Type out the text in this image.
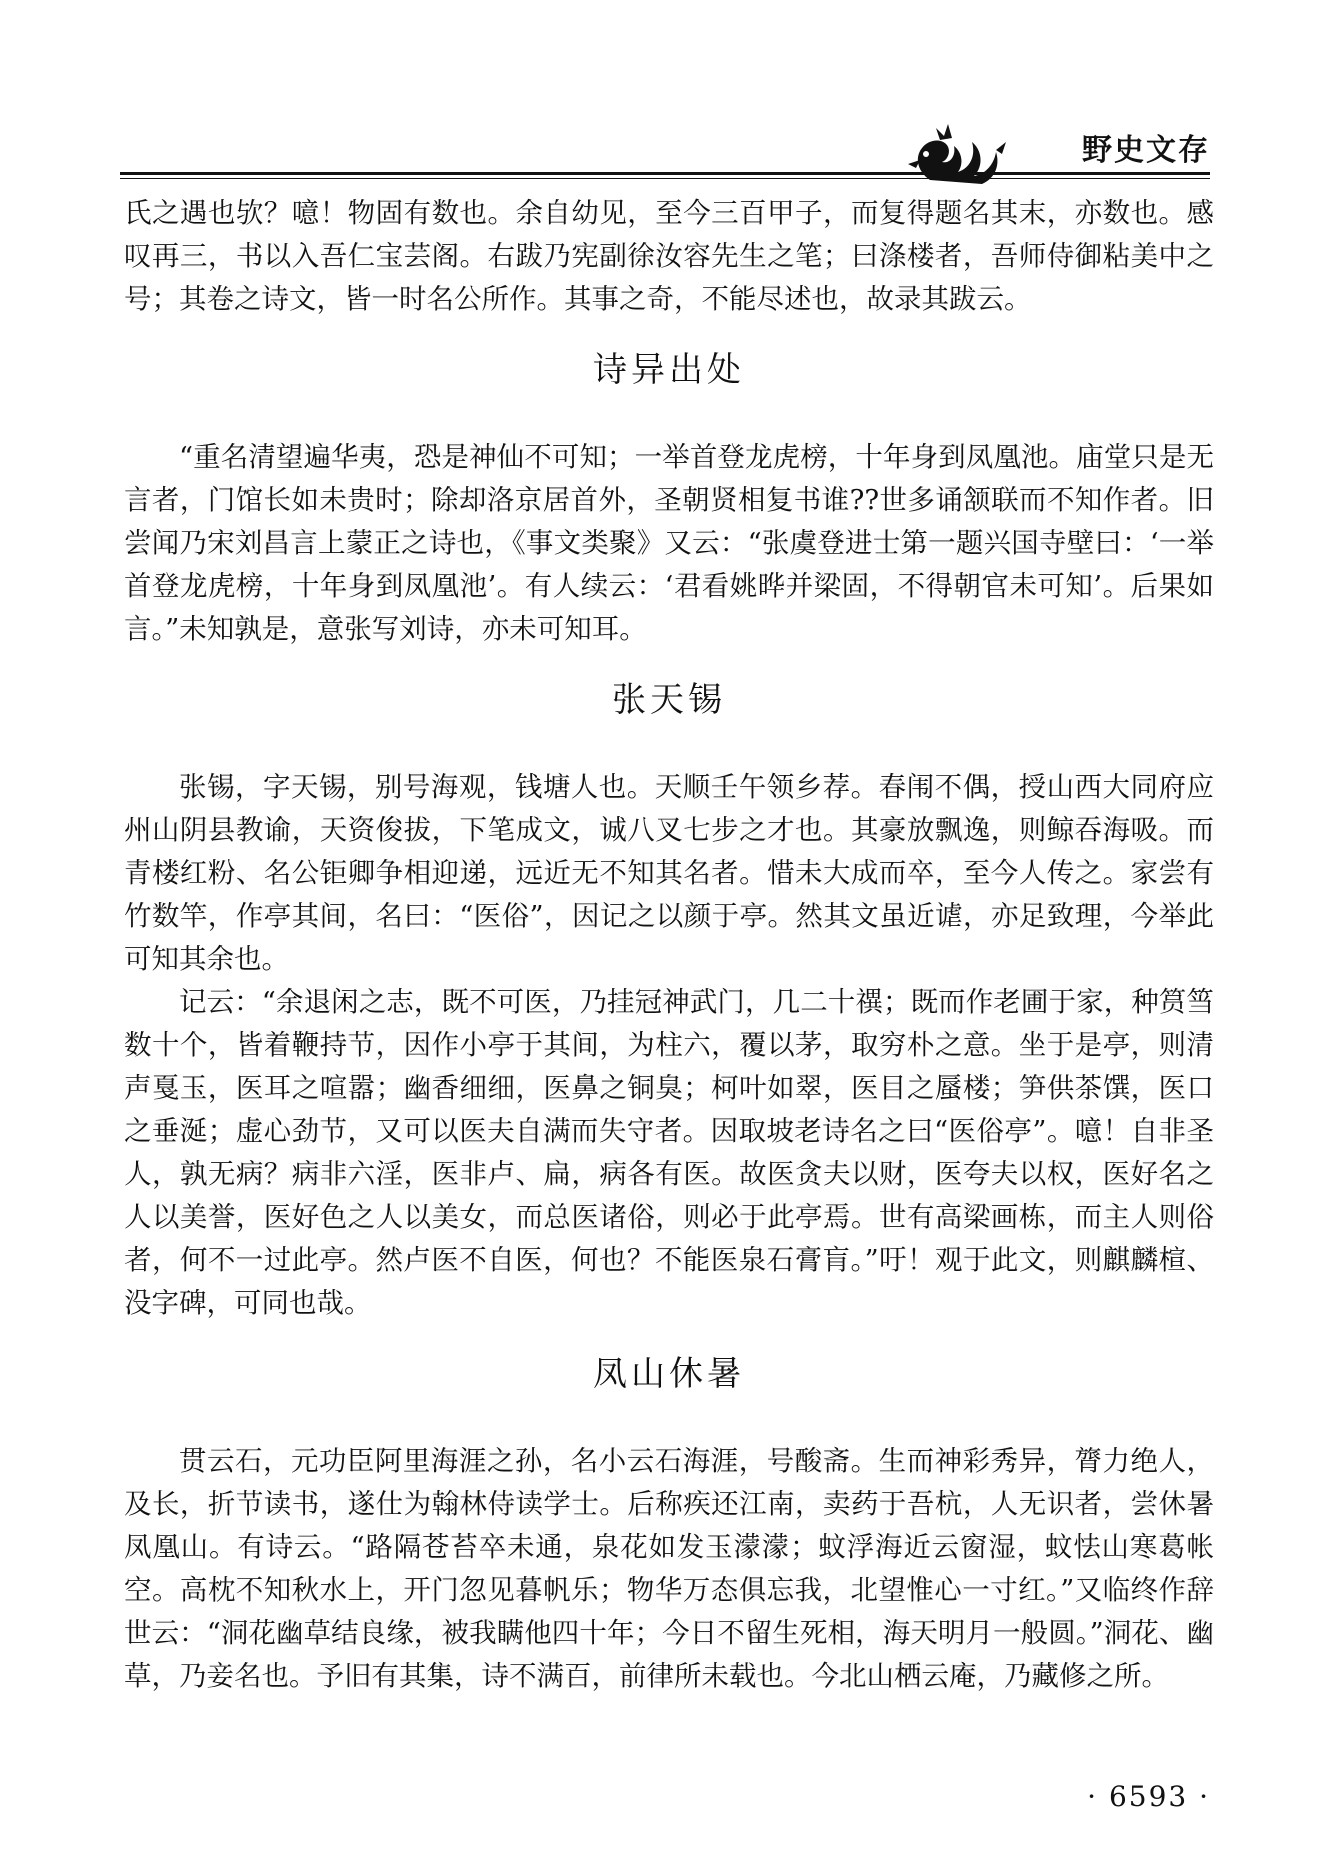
野史文存

氏之遇也欤？噫！物固有数也。余自幼见，至今三百甲子，而复得题名其末，亦数也。感叹再三，书以入吾仁宝芸阁。右跋乃宪副徐汝容先生之笔；曰涤楼者，吾师侍御粘美中之号；其卷之诗文，皆一时名公所作。其事之奇，不能尽述也，故录其跋云。

诗异出处

“重名清望遍华夷，恐是神仙不可知；一举首登龙虎榜，十年身到凤凰池。庙堂只是无言者，门馆长如未贵时；除却洛京居首外，圣朝贤相复书谁??世多诵颔联而不知作者。旧尝闻乃宋刘昌言上蒙正之诗也，《事文类聚》又云：“张虞登进士第一题兴国寺壁曰：‘一举首登龙虎榜，十年身到凤凰池’。有人续云：‘君看姚晔并梁固，不得朝官未可知’。后果如言。”未知孰是，意张写刘诗，亦未可知耳。

张天锡

张锡，字天锡，别号海观，钱塘人也。天顺壬午领乡荐。春闱不偶，授山西大同府应州山阴县教谕，天资俊拔，下笔成文，诚八叉七步之才也。其豪放飘逸，则鲸吞海吸。而青楼红粉、名公钜卿争相迎递，远近无不知其名者。惜未大成而卒，至今人传之。家尝有竹数竿，作亭其间，名曰：“医俗”，因记之以颜于亭。然其文虽近谑，亦足致理，今举此可知其余也。

记云：“余退闲之志，既不可医，乃挂冠神武门，几二十禩；既而作老圃于家，种筼筜数十个，皆着鞭持节，因作小亭于其间，为柱六，覆以茅，取穷朴之意。坐于是亭，则清声戛玉，医耳之喧嚣；幽香细细，医鼻之铜臭；柯叶如翠，医目之蜃楼；笋供茶馔，医口之垂涎；虚心劲节，又可以医夫自满而失守者。因取坡老诗名之曰“医俗亭”。噫！自非圣人，孰无病？病非六淫，医非卢、扁，病各有医。故医贪夫以财，医夸夫以权，医好名之人以美誉，医好色之人以美女，而总医诸俗，则必于此亭焉。世有高梁画栋，而主人则俗者，何不一过此亭。然卢医不自医，何也？不能医泉石膏肓。”吁！观于此文，则麒麟楦、没字碑，可同也哉。

凤山休暑

贯云石，元功臣阿里海涯之孙，名小云石海涯，号酸斋。生而神彩秀异，膂力绝人，及长，折节读书，遂仕为翰林侍读学士。后称疾还江南，卖药于吾杭，人无识者，尝休暑凤凰山。有诗云。“路隔苍苔卒未通，泉花如发玉濛濛；蚊浮海近云窗湿，蚊怯山寒葛帐空。高枕不知秋水上，开门忽见暮帆乐；物华万态俱忘我，北望惟心一寸红。”又临终作辞世云：“洞花幽草结良缘，被我瞒他四十年；今日不留生死相，海天明月一般圆。”洞花、幽草，乃妾名也。予旧有其集，诗不满百，前律所未载也。今北山栖云庵，乃藏修之所。

· 6593 ·
